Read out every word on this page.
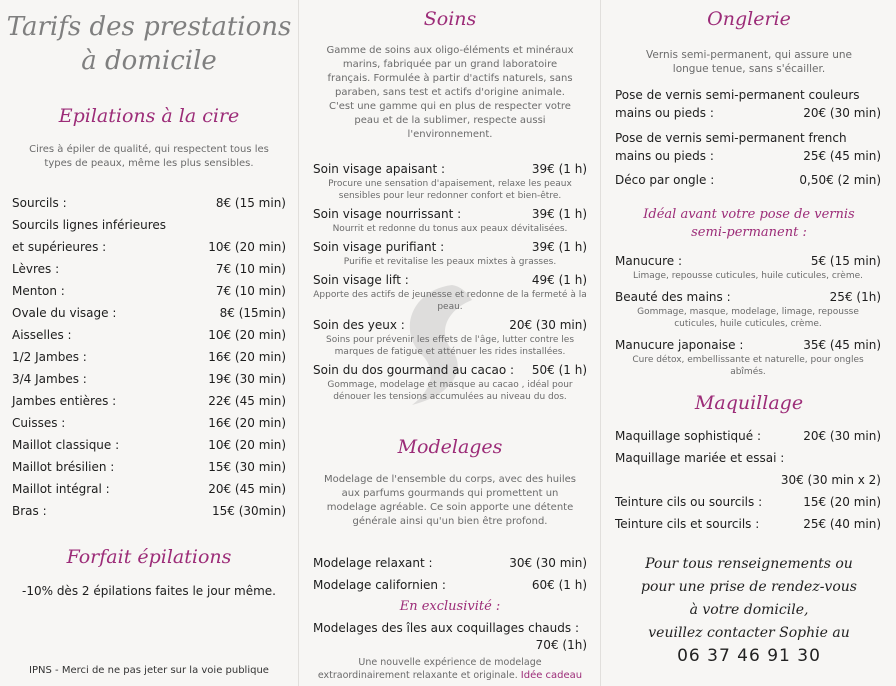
Tarifs des prestations
à domicile
Epilations à la cire
Cires à épiler de qualité, qui respectent tous les types de peaux, même les plus sensibles.
Sourcils :	8€ (15 min)
Sourcils lignes inférieures
et supérieures :	10€ (20 min)
Lèvres :	7€ (10 min)
Menton :	7€ (10 min)
Ovale du visage :	8€ (15min)
Aisselles :	10€ (20 min)
1/2 Jambes :	16€ (20 min)
3/4 Jambes :	19€ (30 min)
Jambes entières :	22€ (45 min)
Cuisses :	16€ (20 min)
Maillot classique :	10€ (20 min)
Maillot brésilien :	15€ (30 min)
Maillot intégral :	20€ (45 min)
Bras :	15€ (30min)
Forfait épilations
-10% dès 2 épilations faites le jour même.
IPNS - Merci de ne pas jeter sur la voie publique
Soins
Gamme de soins aux oligo-éléments et minéraux marins, fabriquée par un grand laboratoire français. Formulée à partir d'actifs naturels, sans paraben, sans test et actifs d'origine animale. C'est une gamme qui en plus de respecter votre peau et de la sublimer, respecte aussi l'environnement.
Soin visage apaisant :	39€ (1 h)
Procure une sensation d'apaisement, relaxe les peaux sensibles pour leur redonner confort et bien-être.
Soin visage nourrissant :	39€ (1 h)
Nourrit et redonne du tonus aux peaux dévitalisées.
Soin visage purifiant :	39€ (1 h)
Purifie et revitalise les peaux mixtes à grasses.
Soin visage lift :	49€ (1 h)
Apporte des actifs de jeunesse et redonne de la fermeté à la peau.
Soin des yeux :	20€ (30 min)
Soins pour prévenir les effets de l'âge, lutter contre les marques de fatigue et atténuer les rides installées.
Soin du dos gourmand au cacao : 50€ (1 h)
Gommage, modelage et masque au cacao , idéal pour dénouer les tensions accumulées au niveau du dos.
Modelages
Modelage de l'ensemble du corps, avec des huiles aux parfums gourmands qui promettent un modelage agréable. Ce soin apporte une détente générale ainsi qu'un bien être profond.
Modelage relaxant :	30€ (30 min)
Modelage californien :	60€ (1 h)
En exclusivité :
Modelages des îles aux coquillages chauds :
70€ (1h)
Une nouvelle expérience de modelage extraordinairement relaxante et originale. Idée cadeau
Onglerie
Vernis semi-permanent, qui assure une longue tenue, sans s'écailler.
Pose de vernis semi-permanent couleurs
mains ou pieds :	20€ (30 min)
Pose de vernis semi-permanent french
mains ou pieds :	25€ (45 min)
Déco par ongle :	0,50€ (2 min)
Idéal avant votre pose de vernis
semi-permanent :
Manucure :	5€ (15 min)
Limage, repousse cuticules, huile cuticules, crème.
Beauté des mains :	25€ (1h)
Gommage, masque, modelage, limage, repousse cuticules, huile cuticules, crème.
Manucure japonaise :	35€ (45 min)
Cure détox, embellissante et naturelle, pour ongles abîmés.
Maquillage
Maquillage sophistiqué :	20€ (30 min)
Maquillage mariée et essai :
30€ (30 min x 2)
Teinture cils ou sourcils :	15€ (20 min)
Teinture cils et sourcils :	25€ (40 min)
Pour tous renseignements ou
pour une prise de rendez-vous
à votre domicile,
veuillez contacter Sophie au
06 37 46 91 30
